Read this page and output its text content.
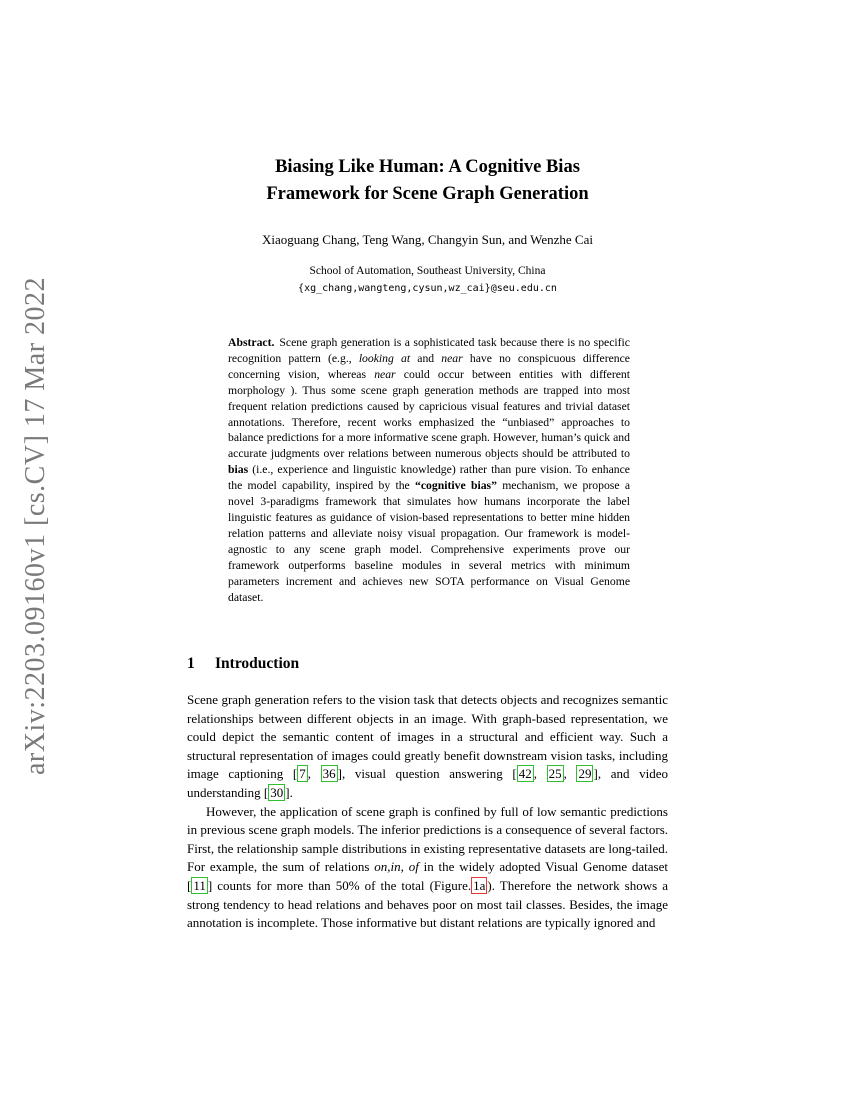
arXiv:2203.09160v1 [cs.CV] 17 Mar 2022
Biasing Like Human: A Cognitive Bias
Framework for Scene Graph Generation
Xiaoguang Chang, Teng Wang, Changyin Sun, and Wenzhe Cai
School of Automation, Southeast University, China
{xg_chang,wangteng,cysun,wz_cai}@seu.edu.cn
Abstract. Scene graph generation is a sophisticated task because there is no specific recognition pattern (e.g., looking at and near have no conspicuous difference concerning vision, whereas near could occur between entities with different morphology ). Thus some scene graph generation methods are trapped into most frequent relation predictions caused by capricious visual features and trivial dataset annotations. Therefore, recent works emphasized the “unbiased” approaches to balance predictions for a more informative scene graph. However, human’s quick and accurate judgments over relations between numerous objects should be attributed to bias (i.e., experience and linguistic knowledge) rather than pure vision. To enhance the model capability, inspired by the “cognitive bias” mechanism, we propose a novel 3-paradigms framework that simulates how humans incorporate the label linguistic features as guidance of vision-based representations to better mine hidden relation patterns and alleviate noisy visual propagation. Our framework is model-agnostic to any scene graph model. Comprehensive experiments prove our framework outperforms baseline modules in several metrics with minimum parameters increment and achieves new SOTA performance on Visual Genome dataset.
1 Introduction

Scene graph generation refers to the vision task that detects objects and recognizes semantic relationships between different objects in an image. With graph-based representation, we could depict the semantic content of images in a structural and efficient way. Such a structural representation of images could greatly benefit downstream vision tasks, including image captioning [ 7 , 36 ], visual question answering [ 42 , 25 , 29 ], and video understanding [ 30 ].

However, the application of scene graph is confined by full of low semantic predictions in previous scene graph models. The inferior predictions is a consequence of several factors. First, the relationship sample distributions in existing representative datasets are long-tailed. For example, the sum of relations on,in, of in the widely adopted Visual Genome dataset [ 11 ] counts for more than 50% of the total (Figure. 1a ). Therefore the network shows a strong tendency to head relations and behaves poor on most tail classes. Besides, the image annotation is incomplete. Those informative but distant relations are typically ignored and
